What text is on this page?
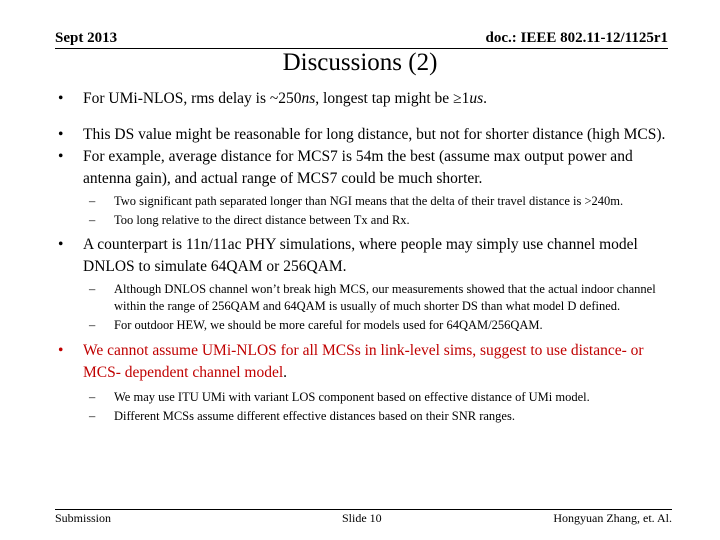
Sept 2013	doc.: IEEE 802.11-12/1125r1
Discussions (2)
• For UMi-NLOS, rms delay is ~250ns, longest tap might be ≥1us.
• This DS value might be reasonable for long distance, but not for shorter distance (high MCS).
• For example, average distance for MCS7 is 54m the best (assume max output power and antenna gain), and actual range of MCS7 could be much shorter.
– Two significant path separated longer than NGI means that the delta of their travel distance is >240m.
– Too long relative to the direct distance between Tx and Rx.
• A counterpart is 11n/11ac PHY simulations, where people may simply use channel model DNLOS to simulate 64QAM or 256QAM.
– Although DNLOS channel won’t break high MCS, our measurements showed that the actual indoor channel within the range of 256QAM and 64QAM is usually of much shorter DS than what model D defined.
– For outdoor HEW, we should be more careful for models used for 64QAM/256QAM.
• We cannot assume UMi-NLOS for all MCSs in link-level sims, suggest to use distance- or MCS- dependent channel model.
– We may use ITU UMi with variant LOS component based on effective distance of UMi model.
– Different MCSs assume different effective distances based on their SNR ranges.
Submission	Slide 10	Hongyuan Zhang, et. Al.
